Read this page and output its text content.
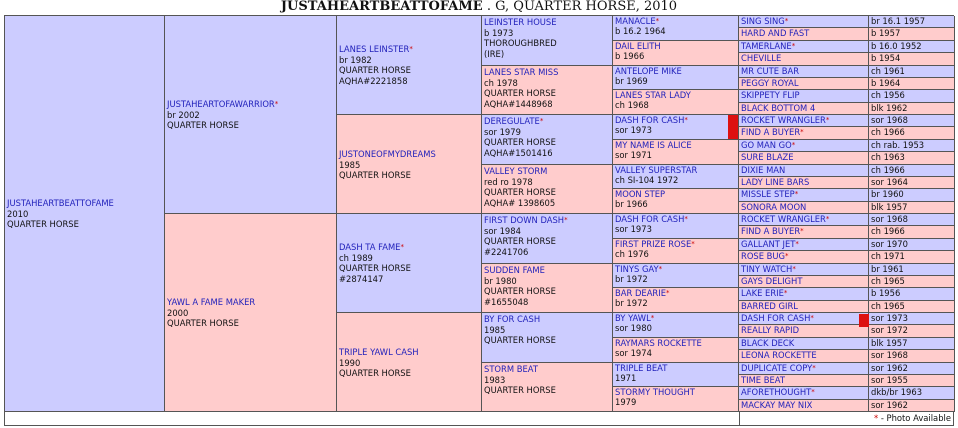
JUSTAHEARTBEATTOFAME . G, QUARTER HORSE, 2010
JUSTAHEARTBEATTOFAME
2010
QUARTER HORSE
JUSTAHEARTOFAWARRIOR*
br 2002
QUARTER HORSE
YAWL A FAME MAKER
2000
QUARTER HORSE
LANES LEINSTER*
br 1982
QUARTER HORSE
AQHA#2221858
JUSTONEOFMYDREAMS
1985
QUARTER HORSE
DASH TA FAME*
ch 1989
QUARTER HORSE
#2874147
TRIPLE YAWL CASH
1990
QUARTER HORSE
LEINSTER HOUSE
b 1973
THOROUGHBRED
(IRE)
LANES STAR MISS
ch 1978
QUARTER HORSE
AQHA#1448968
DEREGULATE*
sor 1979
QUARTER HORSE
AQHA#1501416
VALLEY STORM
red ro 1978
QUARTER HORSE
AQHA# 1398605
FIRST DOWN DASH*
sor 1984
QUARTER HORSE
#2241706
SUDDEN FAME
br 1980
QUARTER HORSE
#1655048
BY FOR CASH
1985
QUARTER HORSE
STORM BEAT
1983
QUARTER HORSE
MANACLE*
b 16.2 1964
DAIL ELITH
b 1966
ANTELOPE MIKE
br 1969
LANES STAR LADY
ch 1968
DASH FOR CASH*
sor 1973
MY NAME IS ALICE
sor 1971
VALLEY SUPERSTAR
ch SI-104 1972
MOON STEP
br 1966
DASH FOR CASH*
sor 1973
FIRST PRIZE ROSE*
ch 1976
TINYS GAY*
br 1972
BAR DEARIE*
br 1972
BY YAWL*
sor 1980
RAYMARS ROCKETTE
sor 1974
TRIPLE BEAT
1971
STORMY THOUGHT
1979
SING SING*	br 16.1 1957
HARD AND FAST	b 1957
TAMERLANE*	b 16.0 1952
CHEVILLE	b 1954
MR CUTE BAR	ch 1961
PEGGY ROYAL	b 1964
SKIPPETY FLIP	ch 1956
BLACK BOTTOM 4	blk 1962
ROCKET WRANGLER*	sor 1968
FIND A BUYER*	ch 1966
GO MAN GO*	ch rab. 1953
SURE BLAZE	ch 1963
DIXIE MAN	ch 1966
LADY LINE BARS	sor 1964
MISSLE STEP*	br 1960
SONORA MOON	blk 1957
ROCKET WRANGLER*	sor 1968
FIND A BUYER*	ch 1966
GALLANT JET*	sor 1970
ROSE BUG*	ch 1971
TINY WATCH*	br 1961
GAYS DELIGHT	ch 1965
LAKE ERIE*	b 1956
BARRED GIRL	ch 1965
DASH FOR CASH*	sor 1973
REALLY RAPID	sor 1972
BLACK DECK	blk 1957
LEONA ROCKETTE	sor 1968
DUPLICATE COPY*	sor 1962
TIME BEAT	sor 1955
AFORETHOUGHT*	dkb/br 1963
MACKAY MAY NIX	sor 1962
* - Photo Available
